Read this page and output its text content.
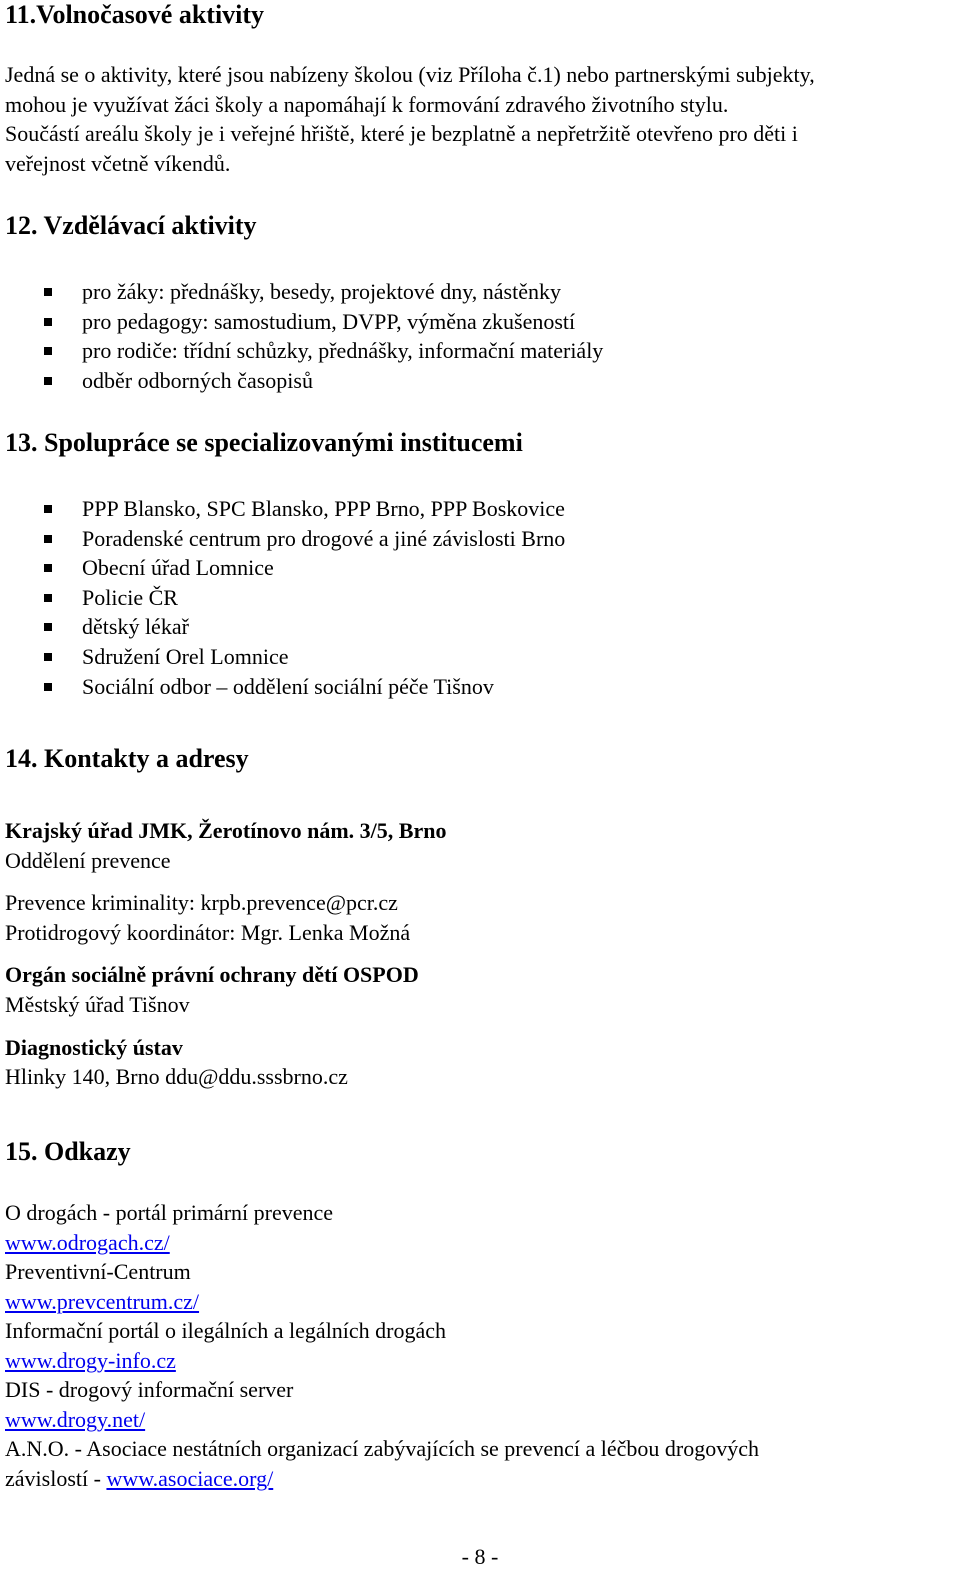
11.Volnočasové aktivity
Jedná se o aktivity, které jsou nabízeny školou (viz Příloha č.1) nebo partnerskými subjekty,
mohou je využívat žáci školy a napomáhají k formování zdravého životního stylu.
Součástí areálu školy je i veřejné hřiště, které je bezplatně a nepřetržitě otevřeno pro děti i
veřejnost včetně víkendů.
12. Vzdělávací aktivity
pro žáky: přednášky, besedy, projektové dny, nástěnky
pro pedagogy: samostudium, DVPP, výměna zkušeností
pro rodiče: třídní schůzky, přednášky, informační materiály
odběr odborných časopisů
13. Spolupráce se specializovanými institucemi
PPP Blansko, SPC Blansko, PPP Brno, PPP Boskovice
Poradenské centrum pro drogové a jiné závislosti Brno
Obecní úřad Lomnice
Policie ČR
dětský lékař
Sdružení Orel Lomnice
Sociální odbor – oddělení sociální péče Tišnov
14. Kontakty a adresy
Krajský úřad JMK, Žerotínovo nám. 3/5, Brno
Oddělení prevence
Prevence kriminality: krpb.prevence@pcr.cz
Protidrogový koordinátor: Mgr. Lenka Možná
Orgán sociálně právní ochrany dětí OSPOD
Městský úřad Tišnov
Diagnostický ústav
Hlinky 140, Brno ddu@ddu.sssbrno.cz
15. Odkazy
O drogách - portál primární prevence
www.odrogach.cz/
Preventivní-Centrum
www.prevcentrum.cz/
Informační portál o ilegálních a legálních drogách
www.drogy-info.cz
DIS - drogový informační server
www.drogy.net/
A.N.O. - Asociace nestátních organizací zabývajících se prevencí a léčbou drogových
závislostí - www.asociace.org/
- 8 -
